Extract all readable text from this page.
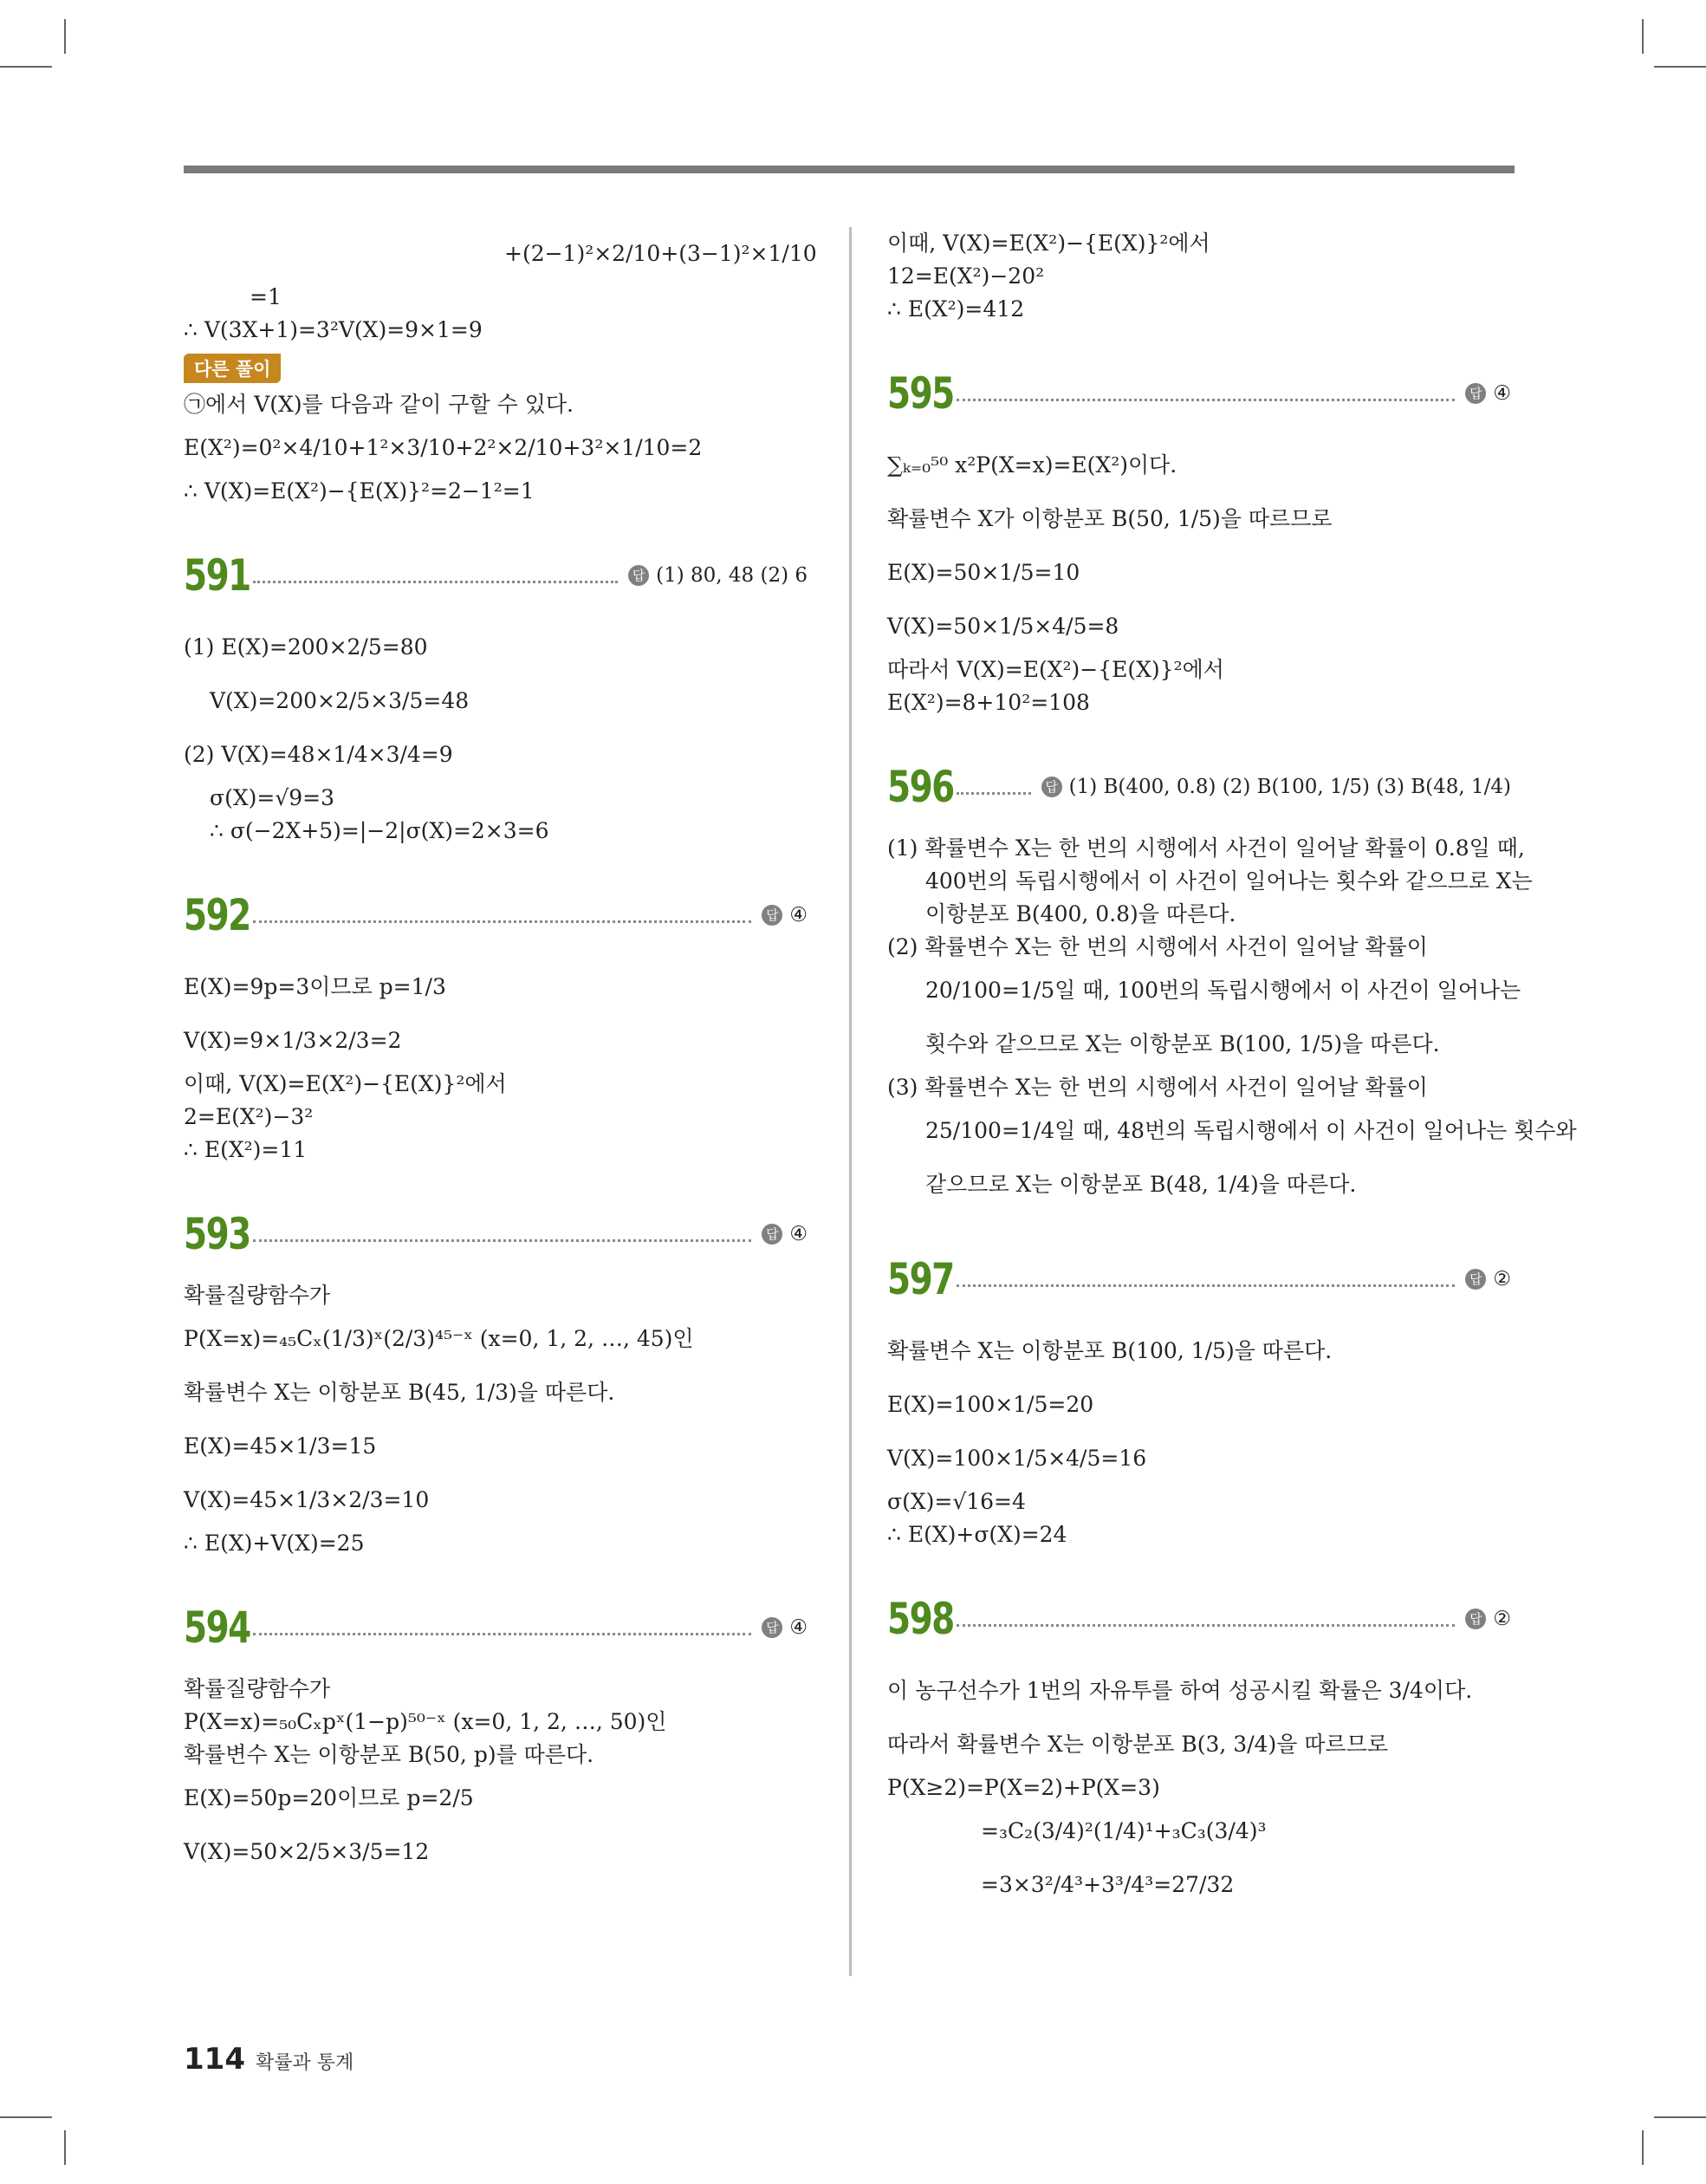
+(2−1)²×2/10+(3−1)²×1/10
=1
∴ V(3X+1)=3²V(X)=9×1=9
다른 풀이
㉠에서 V(X)를 다음과 같이 구할 수 있다.
E(X²)=0²×4/10+1²×3/10+2²×2/10+3²×1/10=2
∴ V(X)=E(X²)−{E(X)}²=2−1²=1
591	답 (1) 80, 48 (2) 6
(1) E(X)=200×2/5=80
V(X)=200×2/5×3/5=48
(2) V(X)=48×1/4×3/4=9
σ(X)=√9=3
∴ σ(−2X+5)=|−2|σ(X)=2×3=6
592	답 ④
E(X)=9p=3이므로 p=1/3
V(X)=9×1/3×2/3=2
이때, V(X)=E(X²)−{E(X)}²에서
2=E(X²)−3²
∴ E(X²)=11
593	답 ④
확률질량함수가
P(X=x)=₄₅Cₓ(1/3)ˣ(2/3)⁴⁵⁻ˣ (x=0, 1, 2, …, 45)인
확률변수 X는 이항분포 B(45, 1/3)을 따른다.
E(X)=45×1/3=15
V(X)=45×1/3×2/3=10
∴ E(X)+V(X)=25
594	답 ④
확률질량함수가
P(X=x)=₅₀Cₓpˣ(1−p)⁵⁰⁻ˣ (x=0, 1, 2, …, 50)인
확률변수 X는 이항분포 B(50, p)를 따른다.
E(X)=50p=20이므로 p=2/5
V(X)=50×2/5×3/5=12
이때, V(X)=E(X²)−{E(X)}²에서
12=E(X²)−20²
∴ E(X²)=412
595	답 ④
∑ₖ₌₀⁵⁰ x²P(X=x)=E(X²)이다.
확률변수 X가 이항분포 B(50, 1/5)을 따르므로
E(X)=50×1/5=10
V(X)=50×1/5×4/5=8
따라서 V(X)=E(X²)−{E(X)}²에서
E(X²)=8+10²=108
596	답 (1) B(400, 0.8) (2) B(100, 1/5) (3) B(48, 1/4)
(1) 확률변수 X는 한 번의 시행에서 사건이 일어날 확률이 0.8일 때,
400번의 독립시행에서 이 사건이 일어나는 횟수와 같으므로 X는
이항분포 B(400, 0.8)을 따른다.
(2) 확률변수 X는 한 번의 시행에서 사건이 일어날 확률이
20/100=1/5일 때, 100번의 독립시행에서 이 사건이 일어나는
횟수와 같으므로 X는 이항분포 B(100, 1/5)을 따른다.
(3) 확률변수 X는 한 번의 시행에서 사건이 일어날 확률이
25/100=1/4일 때, 48번의 독립시행에서 이 사건이 일어나는 횟수와
같으므로 X는 이항분포 B(48, 1/4)을 따른다.
597	답 ②
확률변수 X는 이항분포 B(100, 1/5)을 따른다.
E(X)=100×1/5=20
V(X)=100×1/5×4/5=16
σ(X)=√16=4
∴ E(X)+σ(X)=24
598	답 ②
이 농구선수가 1번의 자유투를 하여 성공시킬 확률은 3/4이다.
따라서 확률변수 X는 이항분포 B(3, 3/4)을 따르므로
P(X≥2)=P(X=2)+P(X=3)
=₃C₂(3/4)²(1/4)¹+₃C₃(3/4)³
=3×3²/4³+3³/4³=27/32
114 확률과 통계
